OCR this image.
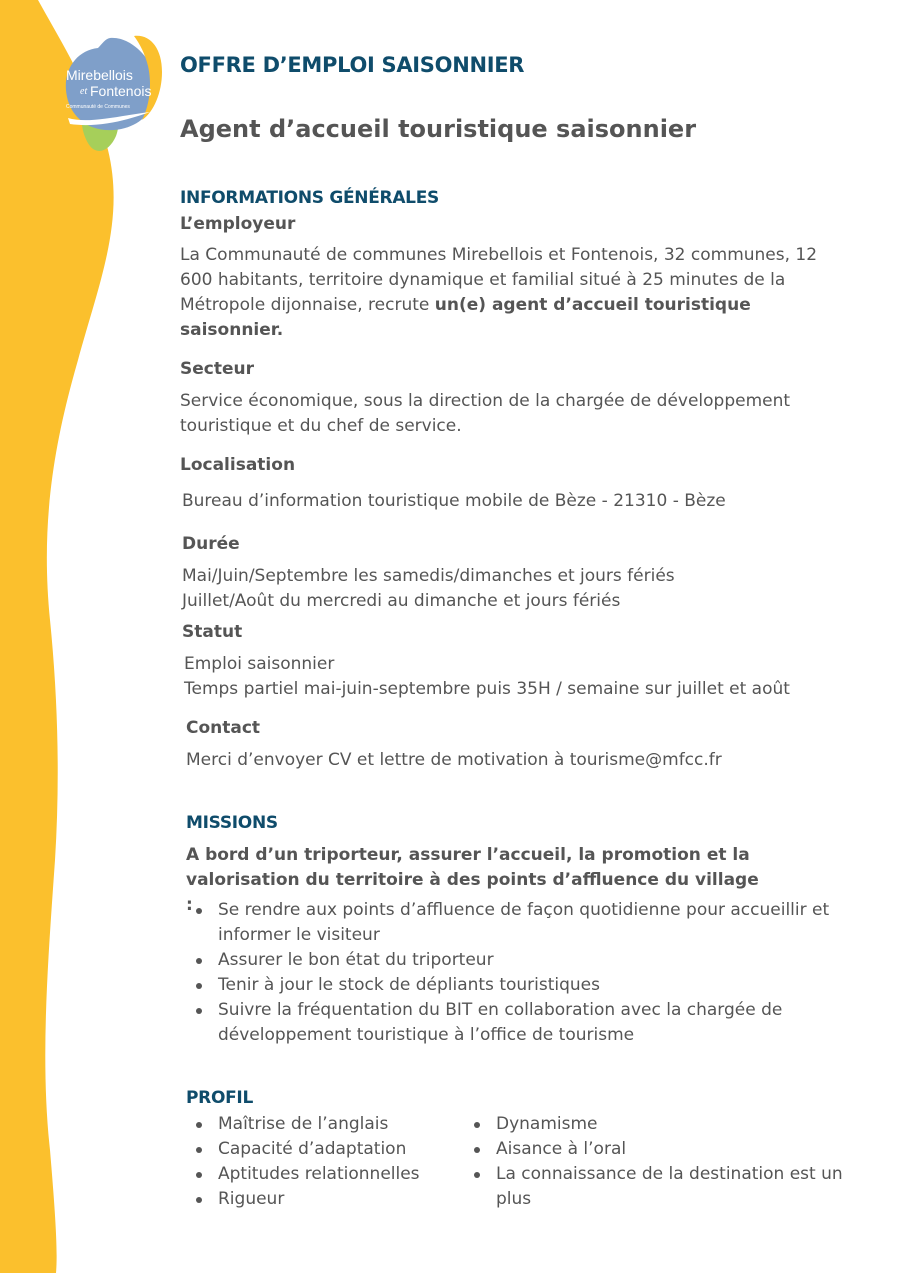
Mirebellois
et Fontenois
Communauté de Communes
OFFRE D’EMPLOI SAISONNIER
Agent d’accueil touristique saisonnier
INFORMATIONS GÉNÉRALES
L’employeur
La Communauté de communes Mirebellois et Fontenois, 32 communes, 12 600 habitants, territoire dynamique et familial situé à 25 minutes de la Métropole dijonnaise, recrute un(e) agent d’accueil touristique saisonnier.
Secteur
Service économique, sous la direction de la chargée de développement touristique et du chef de service.
Localisation
Bureau d’information touristique mobile de Bèze - 21310 - Bèze
Durée
Mai/Juin/Septembre les samedis/dimanches et jours fériés
Juillet/Août du mercredi au dimanche et jours fériés
Statut
Emploi saisonnier
Temps partiel mai-juin-septembre puis 35H / semaine sur juillet et août
Contact
Merci d’envoyer CV et lettre de motivation à tourisme@mfcc.fr
MISSIONS
A bord d’un triporteur, assurer l’accueil, la promotion et la valorisation du territoire à des points d’affluence du village :	Se rendre aux points d’affluence de façon quotidienne pour accueillir et informer le visiteur
Assurer le bon état du triporteur
Tenir à jour le stock de dépliants touristiques
Suivre la fréquentation du BIT en collaboration avec la chargée de développement touristique à l’office de tourisme
PROFIL
Maîtrise de l’anglais
Capacité d’adaptation
Aptitudes relationnelles
Rigueur
Dynamisme
Aisance à l’oral
La connaissance de la destination est un plus
